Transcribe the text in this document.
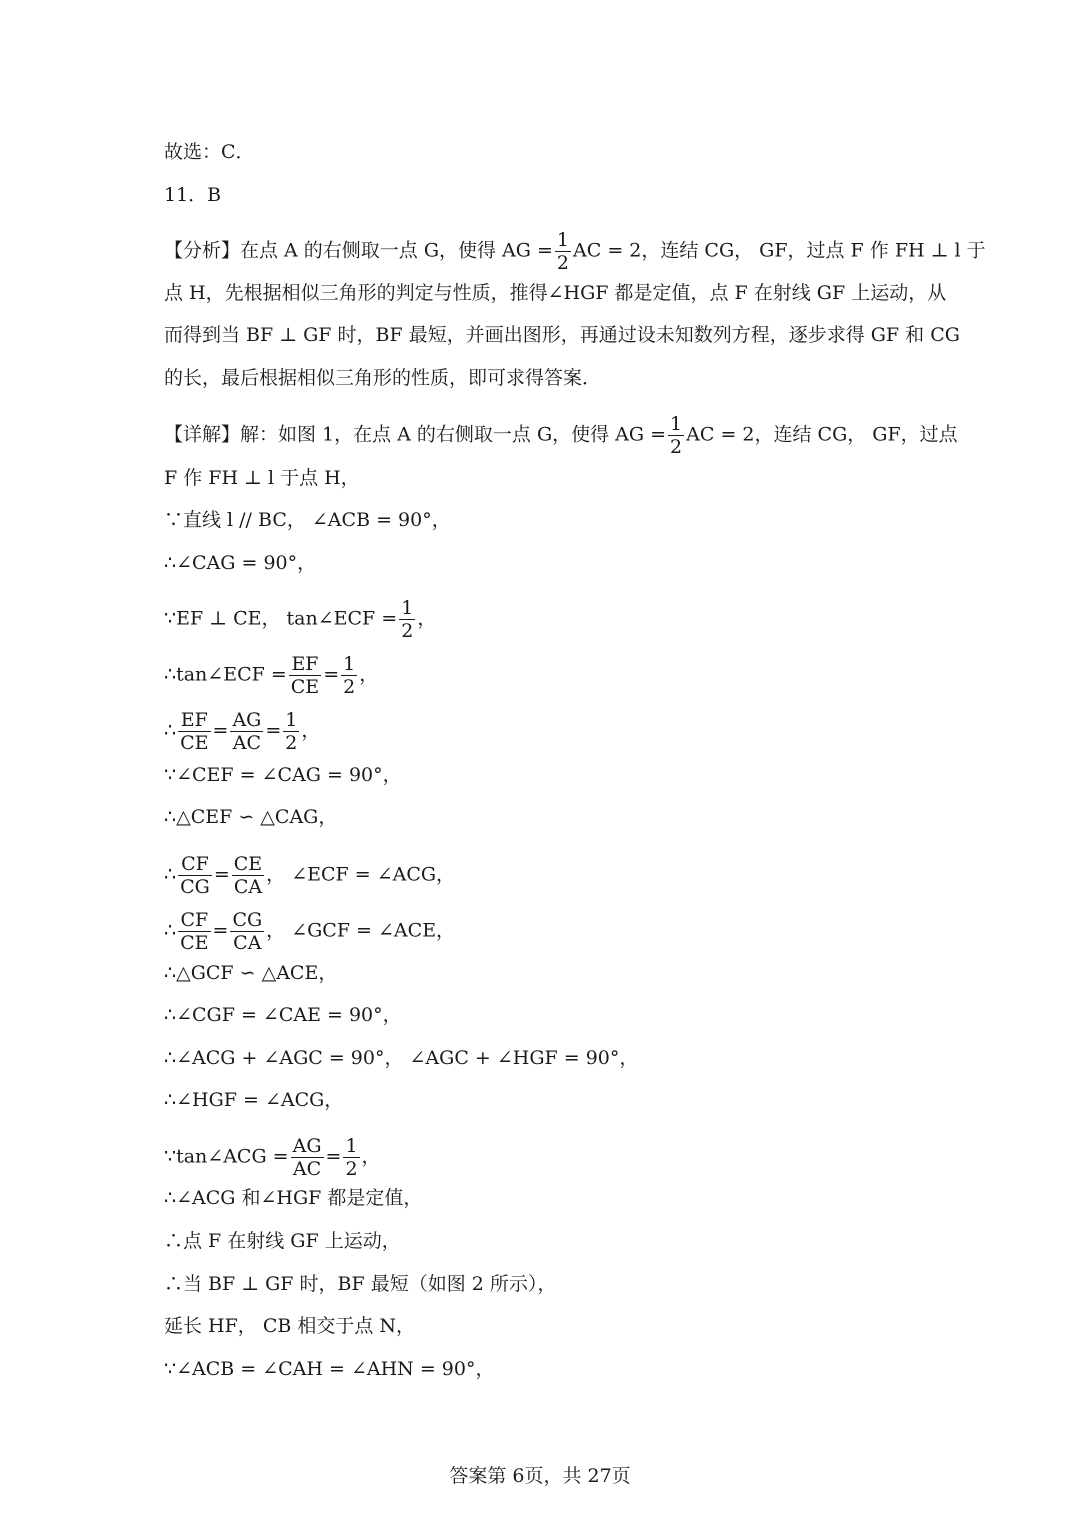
故选：C．
11．B
【分析】在点 A 的右侧取一点 G，使得 AG = $\frac{1}{2}$ AC = 2，连结 CG， GF，过点 F 作 FH ⊥ l 于
点 H，先根据相似三角形的判定与性质，推得∠HGF 都是定值，点 F 在射线 GF 上运动，从
而得到当 BF ⊥ GF 时，BF 最短，并画出图形，再通过设未知数列方程，逐步求得 GF 和 CG
的长，最后根据相似三角形的性质，即可求得答案．
【详解】解：如图 1，在点 A 的右侧取一点 G，使得 AG = $\frac{1}{2}$ AC = 2，连结 CG， GF，过点
F 作 FH ⊥ l 于点 H，
∵直线 l // BC， ∠ACB = 90°，
∴∠CAG = 90°，
∵EF ⊥ CE， tan∠ECF = $\frac{1}{2}$ ，
∴tan∠ECF = $\frac{EF}{CE} = \frac{1}{2}$ ，
∴ $\frac{EF}{CE} = \frac{AG}{AC} = \frac{1}{2}$ ，
∵∠CEF = ∠CAG = 90°，
∴△CEF ∽ △CAG，
∴ $\frac{CF}{CG} = \frac{CE}{CA}$ ， ∠ECF = ∠ACG，
∴ $\frac{CF}{CE} = \frac{CG}{CA}$ ， ∠GCF = ∠ACE，
∴△GCF ∽ △ACE，
∴∠CGF = ∠CAE = 90°，
∴∠ACG + ∠AGC = 90°， ∠AGC + ∠HGF = 90°，
∴∠HGF = ∠ACG，
∵tan∠ACG = $\frac{AG}{AC} = \frac{1}{2}$ ，
∴∠ACG 和∠HGF 都是定值，
∴点 F 在射线 GF 上运动，
∴当 BF ⊥ GF 时，BF 最短（如图 2 所示），
延长 HF， CB 相交于点 N，
∵∠ACB = ∠CAH = ∠AHN = 90°，
答案第 6页，共 27页
